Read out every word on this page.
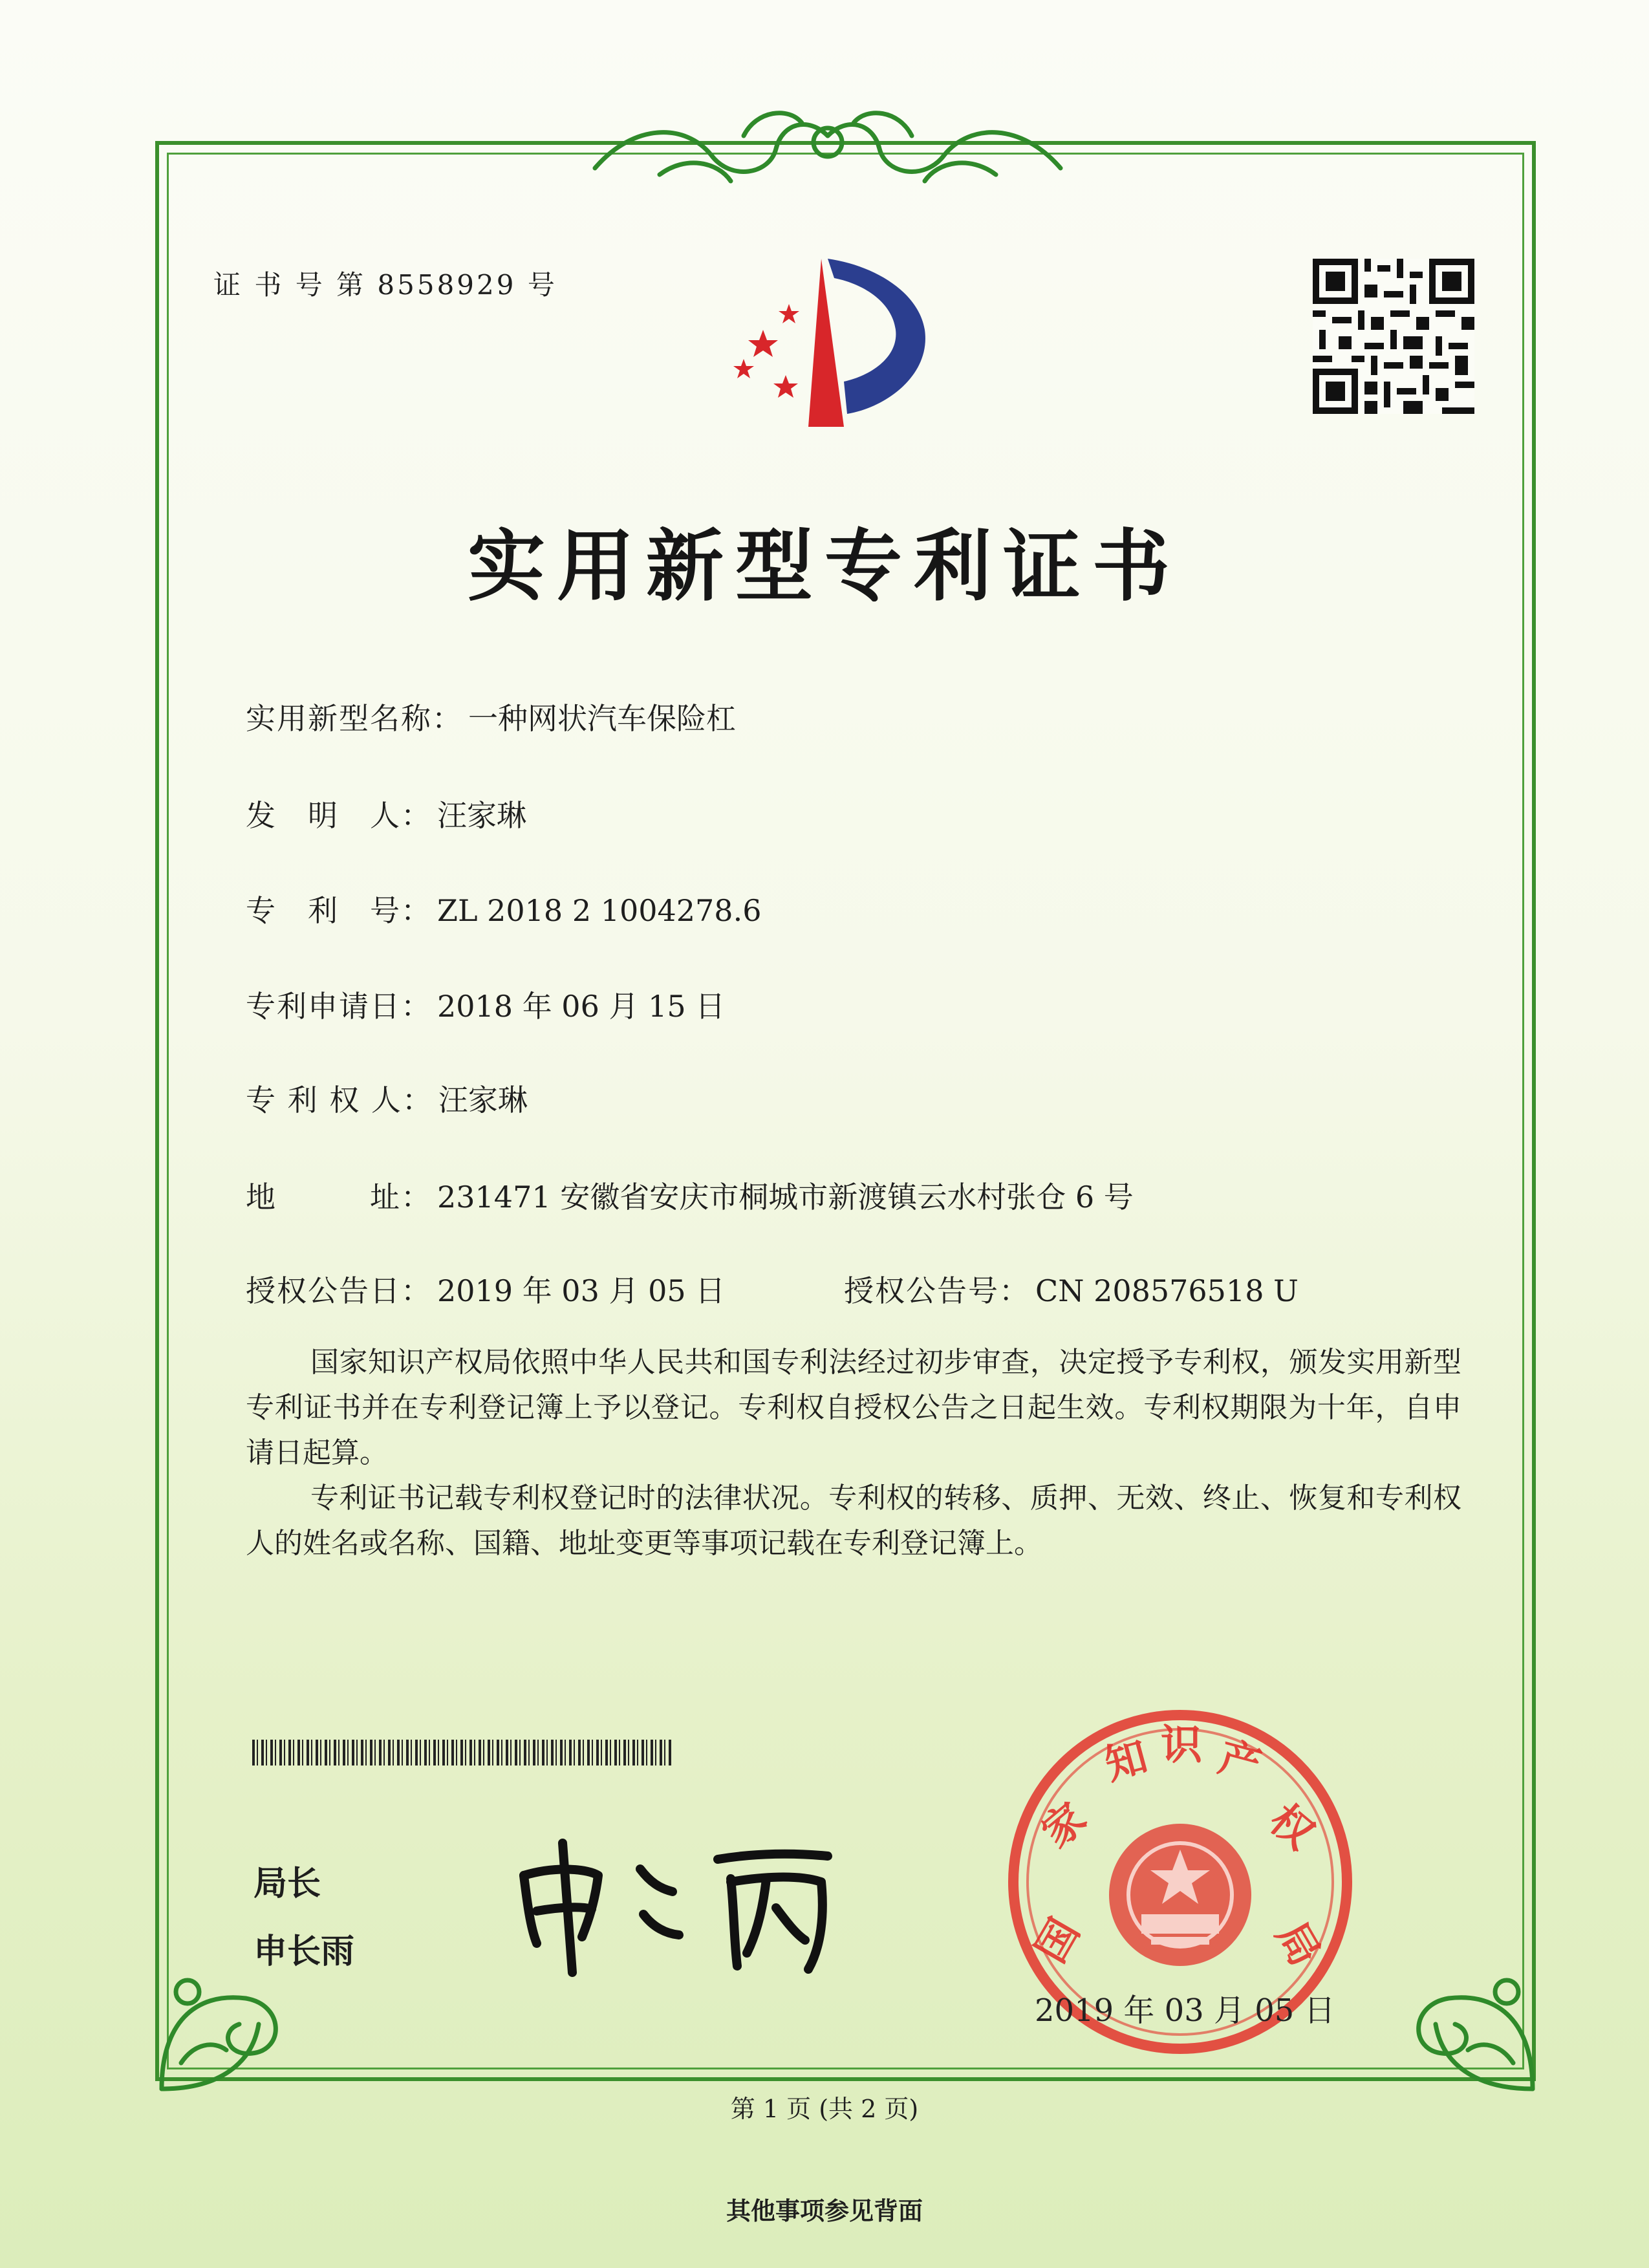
证 书 号 第 8558929 号
实用新型专利证书
实用新型名称： 一种网状汽车保险杠
发　明　人： 汪家琳
专　利　号： ZL 2018 2 1004278.6
专利申请日： 2018 年 06 月 15 日
专 利 权 人： 汪家琳
地　　　址： 231471 安徽省安庆市桐城市新渡镇云水村张仓 6 号
授权公告日： 2019 年 03 月 05 日	授权公告号： CN 208576518 U
国家知识产权局依照中华人民共和国专利法经过初步审查，决定授予专利权，颁发实用新型专利证书并在专利登记簿上予以登记。专利权自授权公告之日起生效。专利权期限为十年，自申请日起算。
专利证书记载专利权登记时的法律状况。专利权的转移、质押、无效、终止、恢复和专利权人的姓名或名称、国籍、地址变更等事项记载在专利登记簿上。
局长
申长雨	国
家
知 识 产
权
局
2019 年 03 月 05 日
第 1 页 (共 2 页)
其他事项参见背面
